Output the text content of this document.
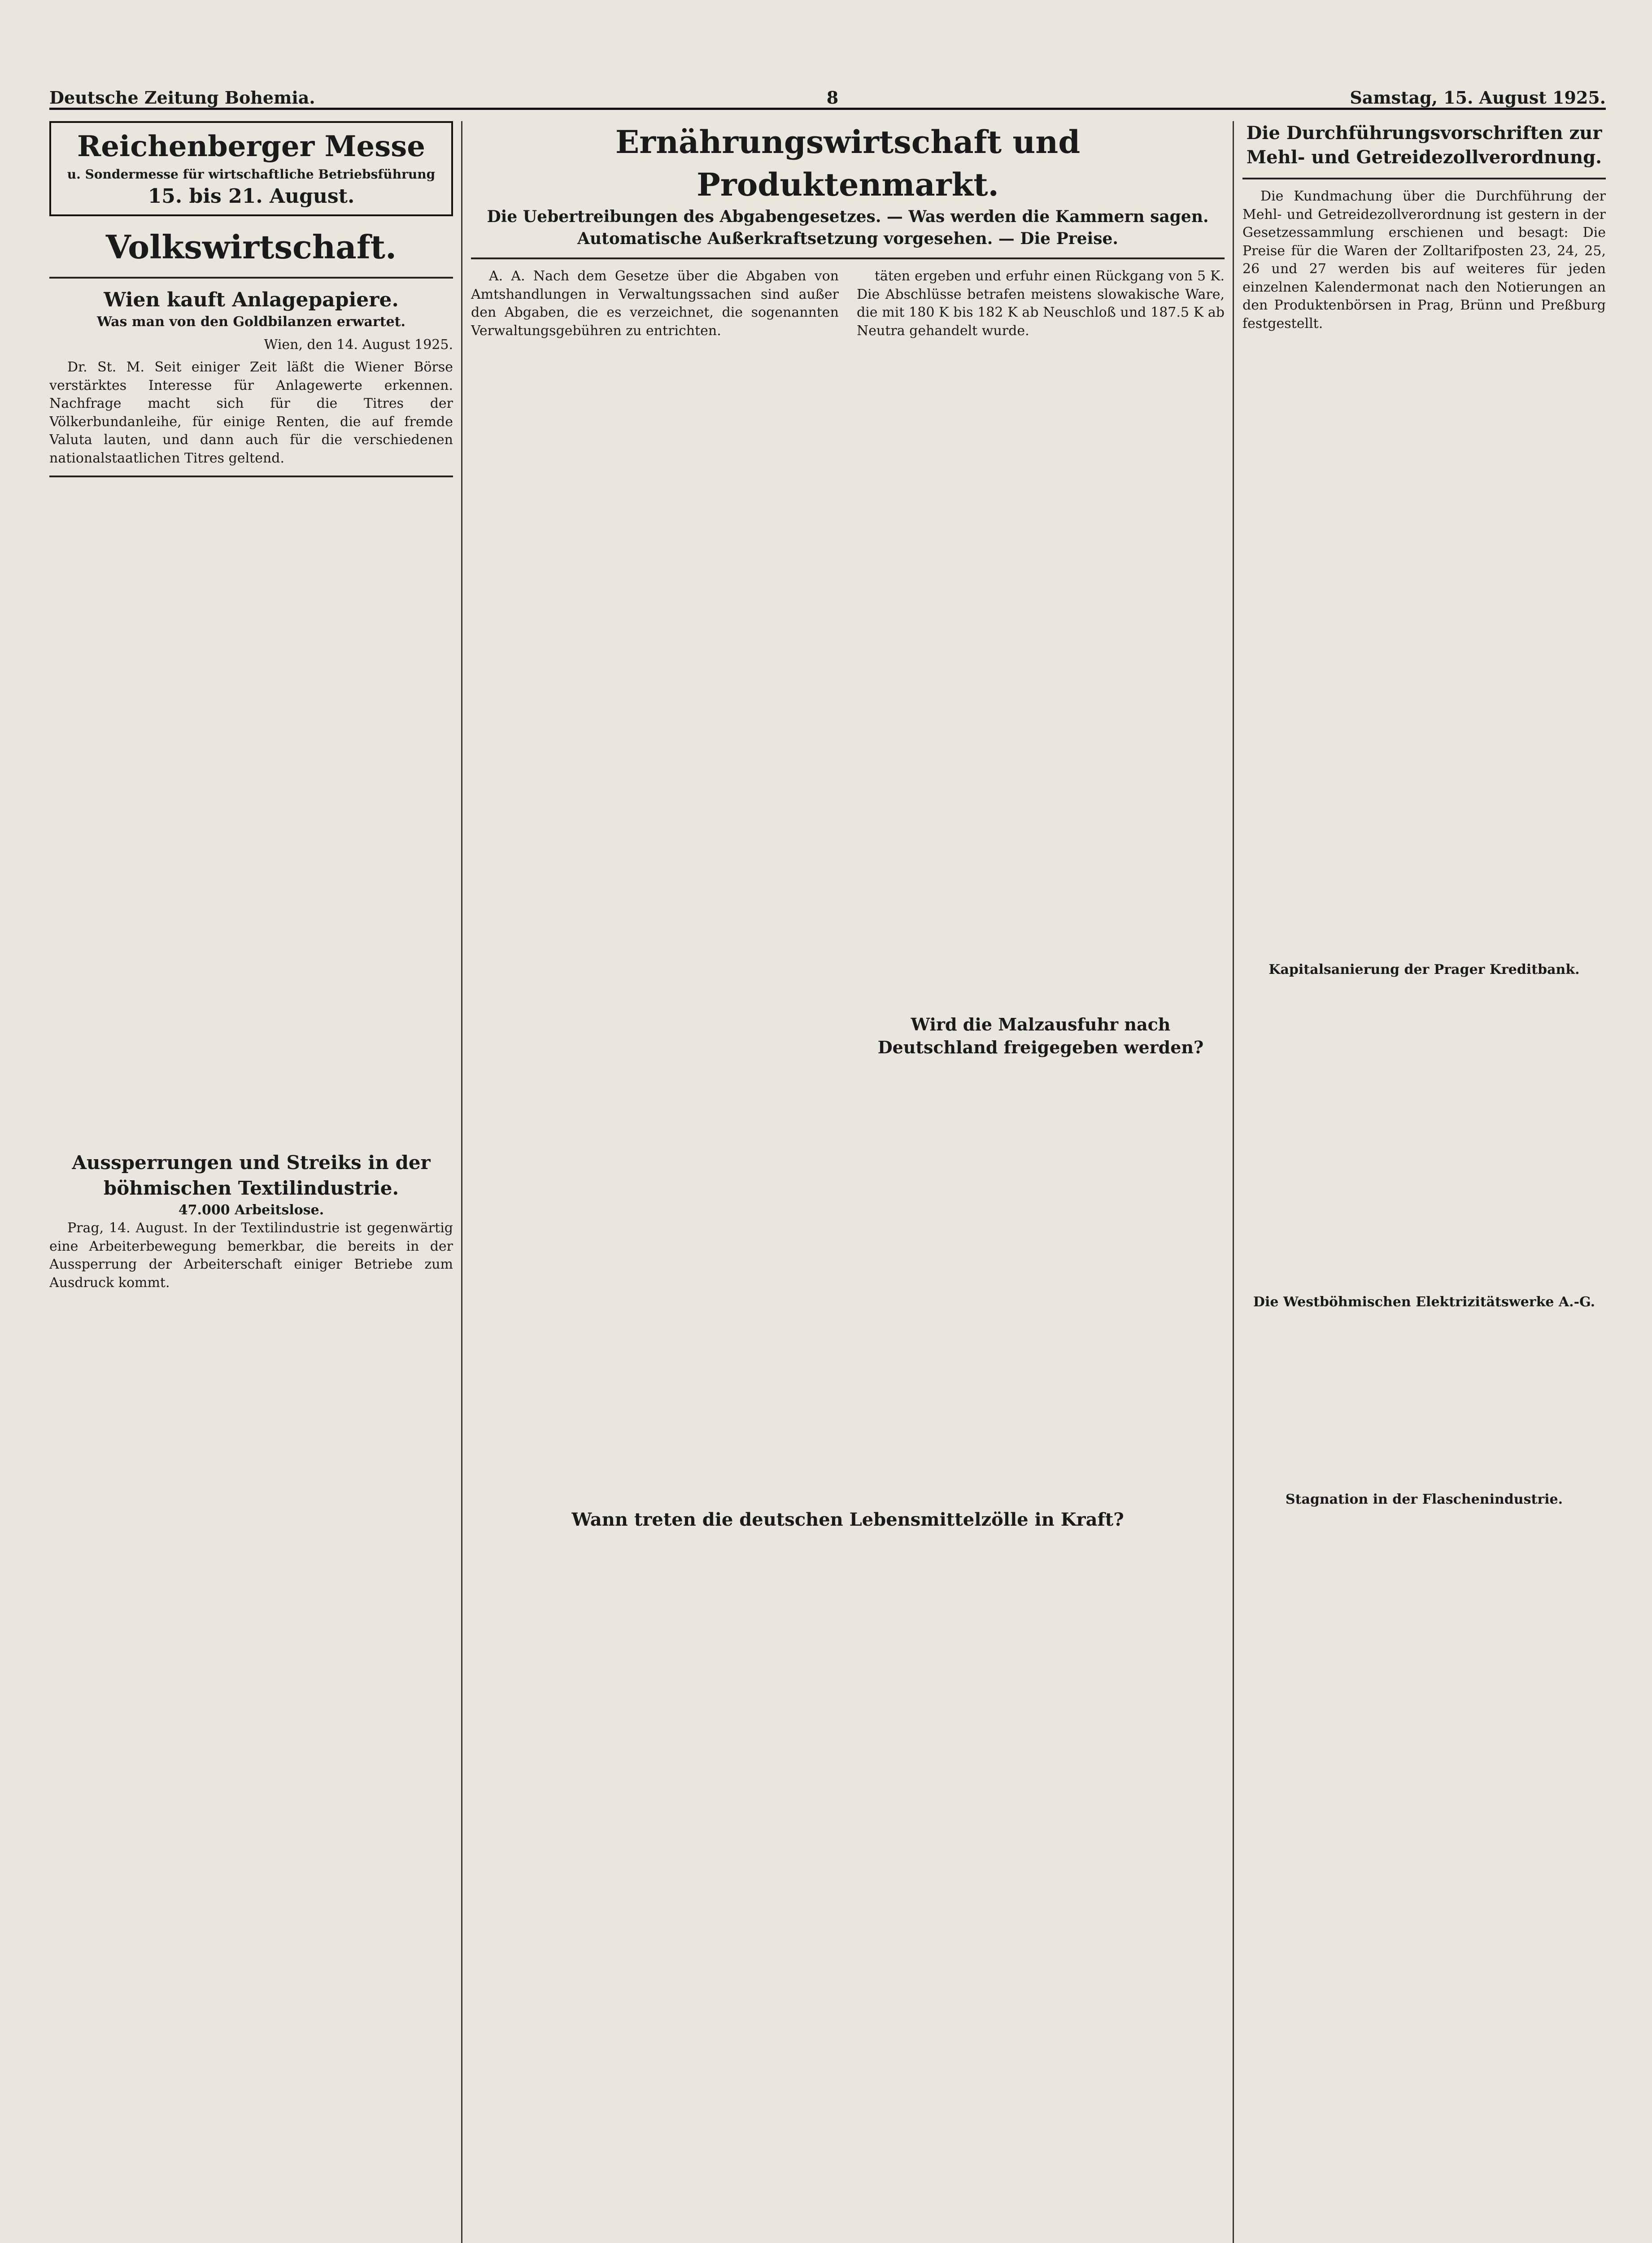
Deutsche Zeitung Bohemia.	8	Samstag, 15. August 1925.
Reichenberger Messe
u. Sondermesse für wirtschaftliche Betriebsführung
15. bis 21. August.
Volkswirtschaft.
Wien kauft Anlagepapiere.
Was man von den Goldbilanzen erwartet.
Wien, den 14. August 1925.

Dr. St. M. Seit einiger Zeit läßt die Wiener Börse verstärktes Interesse für Anlagewerte erkennen. Nachfrage macht sich für die Titres der Völkerbundanleihe, für einige Renten, die auf fremde Valuta lauten, und dann auch für die verschiedenen nationalstaatlichen Titres geltend.

Aussperrungen und Streiks in der böhmischen Textilindustrie.
47.000 Arbeitslose.

Prag, 14. August. In der Textilindustrie ist gegenwärtig eine Arbeiterbewegung bemerkbar, die bereits in der Aussperrung der Arbeiterschaft einiger Betriebe zum Ausdruck kommt.

Ernährungswirtschaft und Produktenmarkt.
Die Uebertreibungen des Abgabengesetzes. — Was werden die Kammern sagen. Automatische Außerkraftsetzung vorgesehen. — Die Preise.

A. A. Nach dem Gesetze über die Abgaben von Amtshandlungen in Verwaltungssachen sind außer den Abgaben, die es verzeichnet, die sogenannten Verwaltungsgebühren zu entrichten.

täten ergeben und erfuhr einen Rückgang von 5 K. Die Abschlüsse betrafen meistens slowakische Ware, die mit 180 K bis 182 K ab Neuschloß und 187.5 K ab Neutra gehandelt wurde.

Wird die Malzausfuhr nach Deutschland freigegeben werden?
Wann treten die deutschen Lebensmittelzölle in Kraft?
Die Durchführungsvorschriften zur Mehl- und Getreidezollverordnung.

Die Kundmachung über die Durchführung der Mehl- und Getreidezollverordnung ist gestern in der Gesetzessammlung erschienen und besagt: Die Preise für die Waren der Zolltarifposten 23, 24, 25, 26 und 27 werden bis auf weiteres für jeden einzelnen Kalendermonat nach den Notierungen an den Produktenbörsen in Prag, Brünn und Preßburg festgestellt.

Kapitalsanierung der Prager Kreditbank.
Die Westböhmischen Elektrizitätswerke A.-G.
Stagnation in der Flaschenindustrie.
